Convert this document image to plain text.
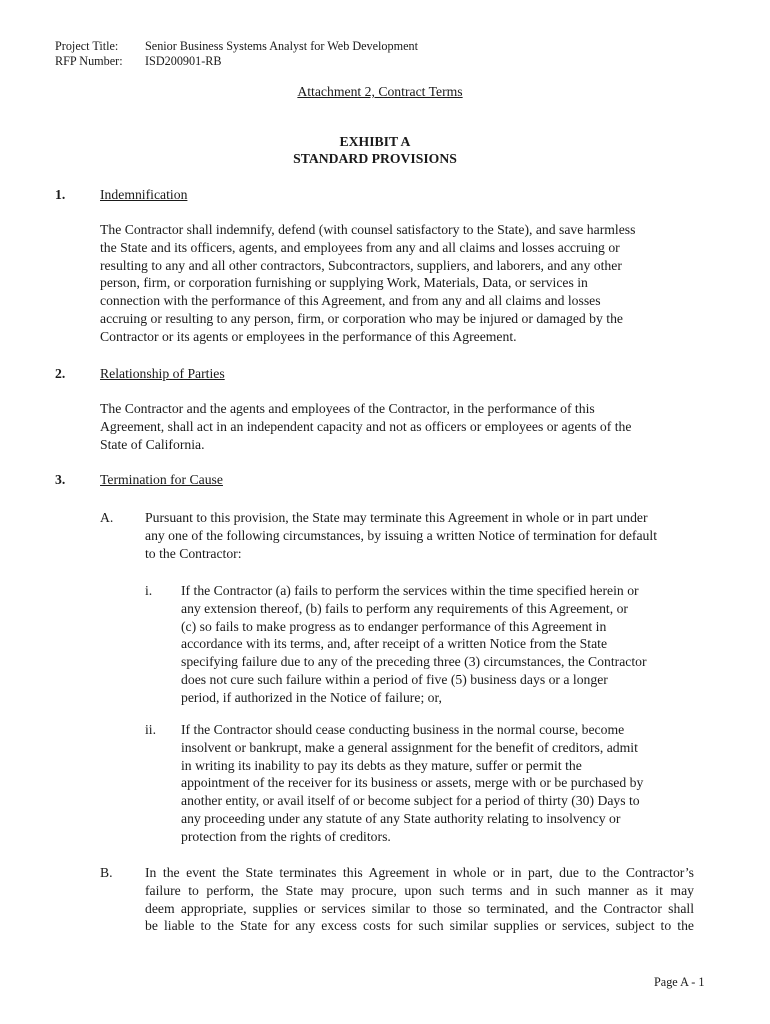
Project Title: Senior Business Systems Analyst for Web Development
RFP Number: ISD200901-RB
Attachment 2, Contract Terms
EXHIBIT A
STANDARD PROVISIONS
1.	Indemnification
The Contractor shall indemnify, defend (with counsel satisfactory to the State), and save harmless
the State and its officers, agents, and employees from any and all claims and losses accruing or
resulting to any and all other contractors, Subcontractors, suppliers, and laborers, and any other
person, firm, or corporation furnishing or supplying Work, Materials, Data, or services in
connection with the performance of this Agreement, and from any and all claims and losses
accruing or resulting to any person, firm, or corporation who may be injured or damaged by the
Contractor or its agents or employees in the performance of this Agreement.
2.	Relationship of Parties
The Contractor and the agents and employees of the Contractor, in the performance of this
Agreement, shall act in an independent capacity and not as officers or employees or agents of the
State of California.
3.	Termination for Cause
A. Pursuant to this provision, the State may terminate this Agreement in whole or in part under
any one of the following circumstances, by issuing a written Notice of termination for default
to the Contractor:
i. If the Contractor (a) fails to perform the services within the time specified herein or
any extension thereof, (b) fails to perform any requirements of this Agreement, or
(c) so fails to make progress as to endanger performance of this Agreement in
accordance with its terms, and, after receipt of a written Notice from the State
specifying failure due to any of the preceding three (3) circumstances, the Contractor
does not cure such failure within a period of five (5) business days or a longer
period, if authorized in the Notice of failure; or,
ii. If the Contractor should cease conducting business in the normal course, become
insolvent or bankrupt, make a general assignment for the benefit of creditors, admit
in writing its inability to pay its debts as they mature, suffer or permit the
appointment of the receiver for its business or assets, merge with or be purchased by
another entity, or avail itself of or become subject for a period of thirty (30) Days to
any proceeding under any statute of any State authority relating to insolvency or
protection from the rights of creditors.
B. In the event the State terminates this Agreement in whole or in part, due to the Contractor’s
failure to perform, the State may procure, upon such terms and in such manner as it may
deem appropriate, supplies or services similar to those so terminated, and the Contractor shall
be liable to the State for any excess costs for such similar supplies or services, subject to the
Page A - 1
